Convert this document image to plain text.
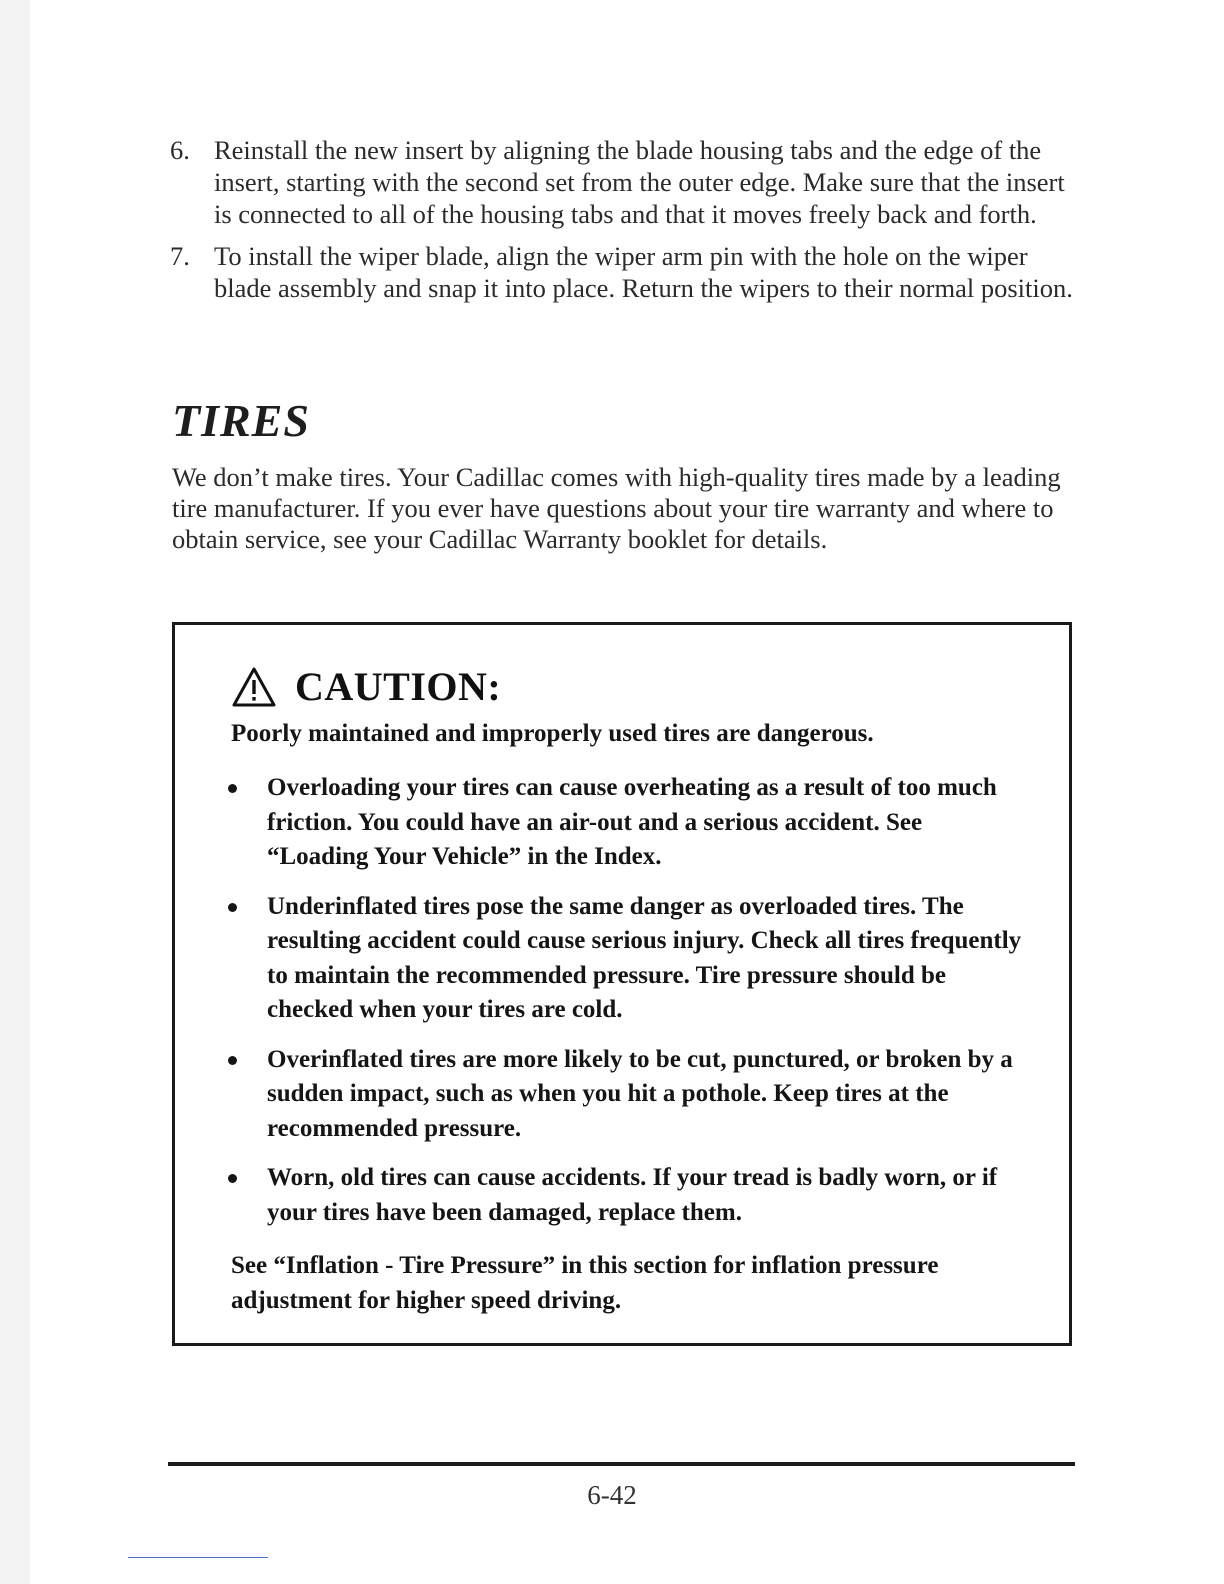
6. Reinstall the new insert by aligning the blade housing tabs and the edge of the insert, starting with the second set from the outer edge. Make sure that the insert is connected to all of the housing tabs and that it moves freely back and forth.
7. To install the wiper blade, align the wiper arm pin with the hole on the wiper blade assembly and snap it into place. Return the wipers to their normal position.
TIRES

We don’t make tires. Your Cadillac comes with high-quality tires made by a leading tire manufacturer. If you ever have questions about your tire warranty and where to obtain service, see your Cadillac Warranty booklet for details.

CAUTION:

Poorly maintained and improperly used tires are dangerous.

Overloading your tires can cause overheating as a result of too much friction. You could have an air-out and a serious accident. See “Loading Your Vehicle” in the Index.
Underinflated tires pose the same danger as overloaded tires. The resulting accident could cause serious injury. Check all tires frequently to maintain the recommended pressure. Tire pressure should be checked when your tires are cold.
Overinflated tires are more likely to be cut, punctured, or broken by a sudden impact, such as when you hit a pothole. Keep tires at the recommended pressure.
Worn, old tires can cause accidents. If your tread is badly worn, or if your tires have been damaged, replace them.

See “Inflation - Tire Pressure” in this section for inflation pressure adjustment for higher speed driving.

6-42
